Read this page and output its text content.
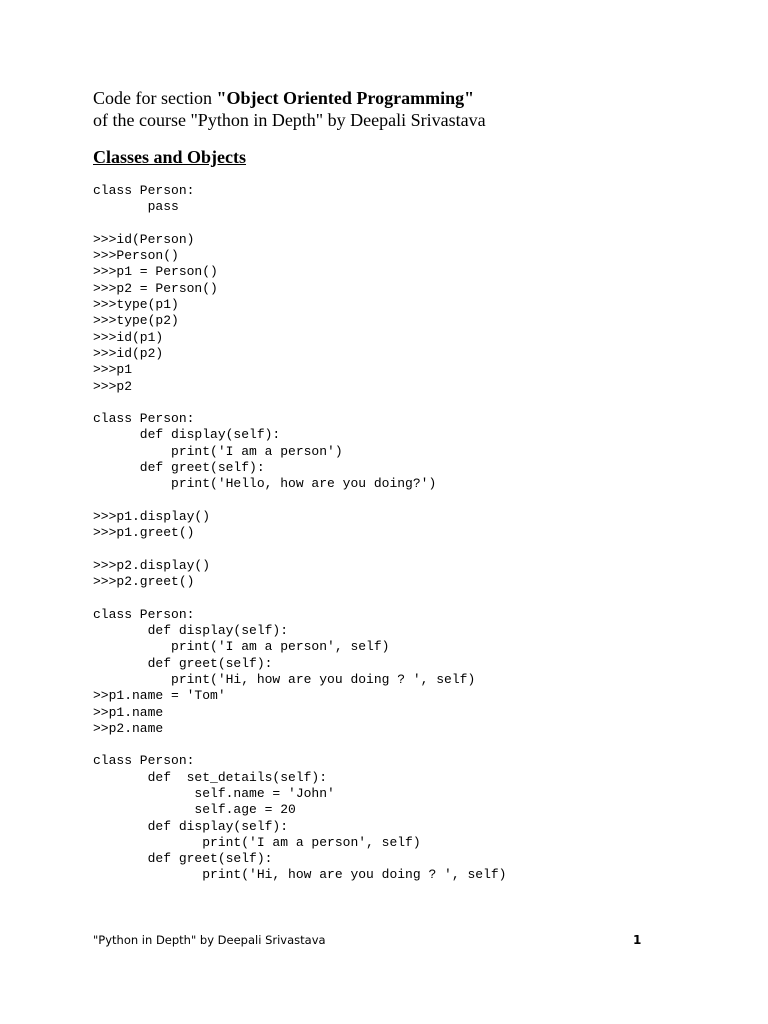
Code for section "Object Oriented Programming"
of the course "Python in Depth" by Deepali Srivastava
Classes and Objects
class Person:
pass

>>>id(Person)
>>>Person()
>>>p1 = Person()
>>>p2 = Person()
>>>type(p1)
>>>type(p2)
>>>id(p1)
>>>id(p2)
>>>p1
>>>p2

class Person:
def display(self):
print('I am a person')
def greet(self):
print('Hello, how are you doing?')

>>>p1.display()
>>>p1.greet()

>>>p2.display()
>>>p2.greet()

class Person:
def display(self):
print('I am a person', self)
def greet(self):
print('Hi, how are you doing ? ', self)
>>p1.name = 'Tom'
>>p1.name
>>p2.name

class Person:
def  set_details(self):
self.name = 'John'
self.age = 20
def display(self):
print('I am a person', self)
def greet(self):
print('Hi, how are you doing ? ', self)
"Python in Depth" by Deepali Srivastava	1
